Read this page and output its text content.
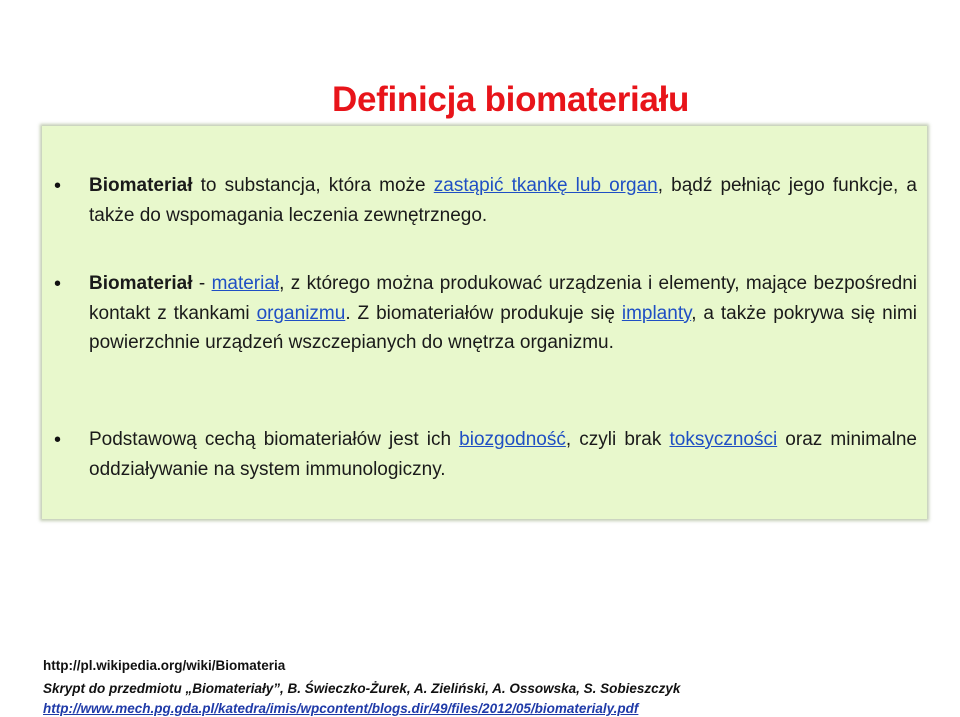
Definicja biomateriału
• Biomateriał to substancja, która może zastąpić tkankę lub organ, bądź pełniąc jego funkcje, a także do wspomagania leczenia zewnętrznego.
• Biomateriał - materiał, z którego można produkować urządzenia i elementy, mające bezpośredni kontakt z tkankami organizmu. Z biomateriałów produkuje się implanty, a także pokrywa się nimi powierzchnie urządzeń wszczepianych do wnętrza organizmu.
• Podstawową cechą biomateriałów jest ich biozgodność, czyli brak toksyczności oraz minimalne oddziaływanie na system immunologiczny.
http://pl.wikipedia.org/wiki/Biomateria
Skrypt do przedmiotu „Biomateriały”, B. Świeczko-Żurek, A. Zieliński, A. Ossowska, S. Sobieszczyk
http://www.mech.pg.gda.pl/katedra/imis/wpcontent/blogs.dir/49/files/2012/05/biomaterialy.pdf
